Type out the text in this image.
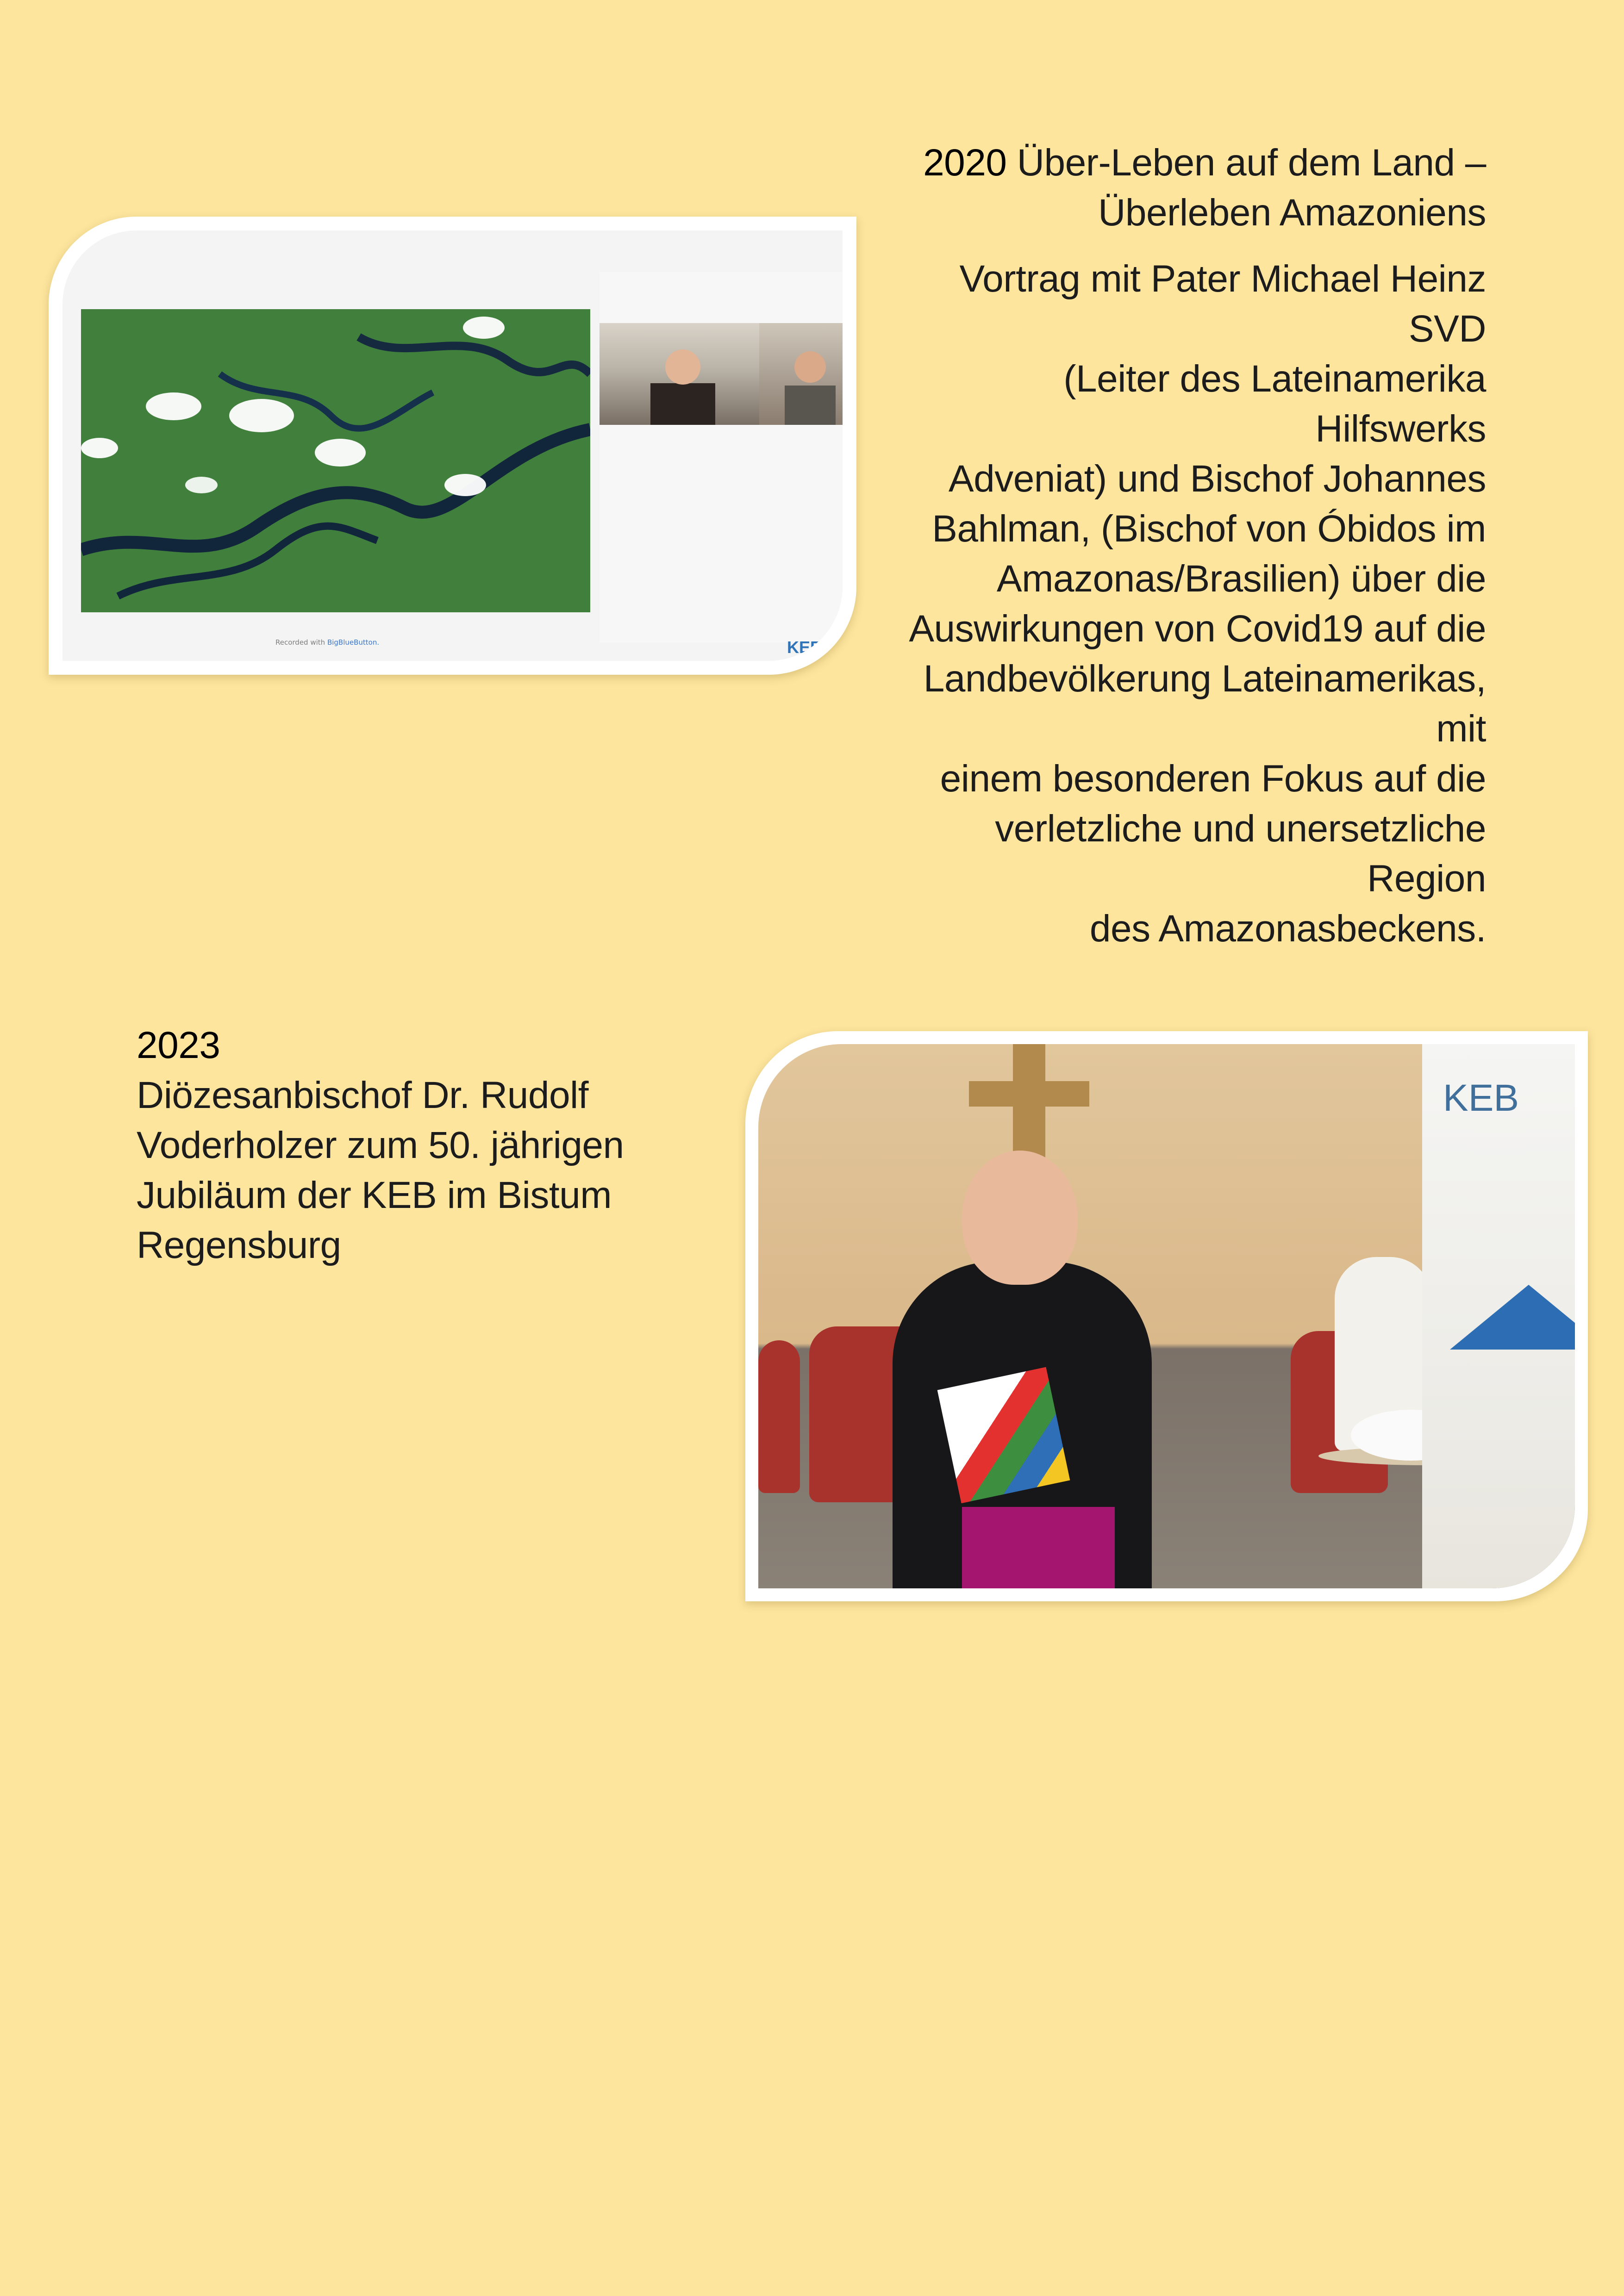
Recorded with BigBlueButton.	KEB
2020 Über-Leben auf dem Land –
Überleben Amazoniens
Vortrag mit Pater Michael Heinz SVD
(Leiter des Lateinamerika Hilfswerks
Adveniat) und Bischof Johannes
Bahlman, (Bischof von Óbidos im
Amazonas/Brasilien) über die
Auswirkungen von Covid19 auf die
Landbevölkerung Lateinamerikas, mit
einem besonderen Fokus auf die
verletzliche und unersetzliche Region
des Amazonasbeckens.
2023
Diözesanbischof Dr. Rudolf
Voderholzer zum 50. jährigen
Jubiläum der KEB im Bistum
Regensburg
KEB
